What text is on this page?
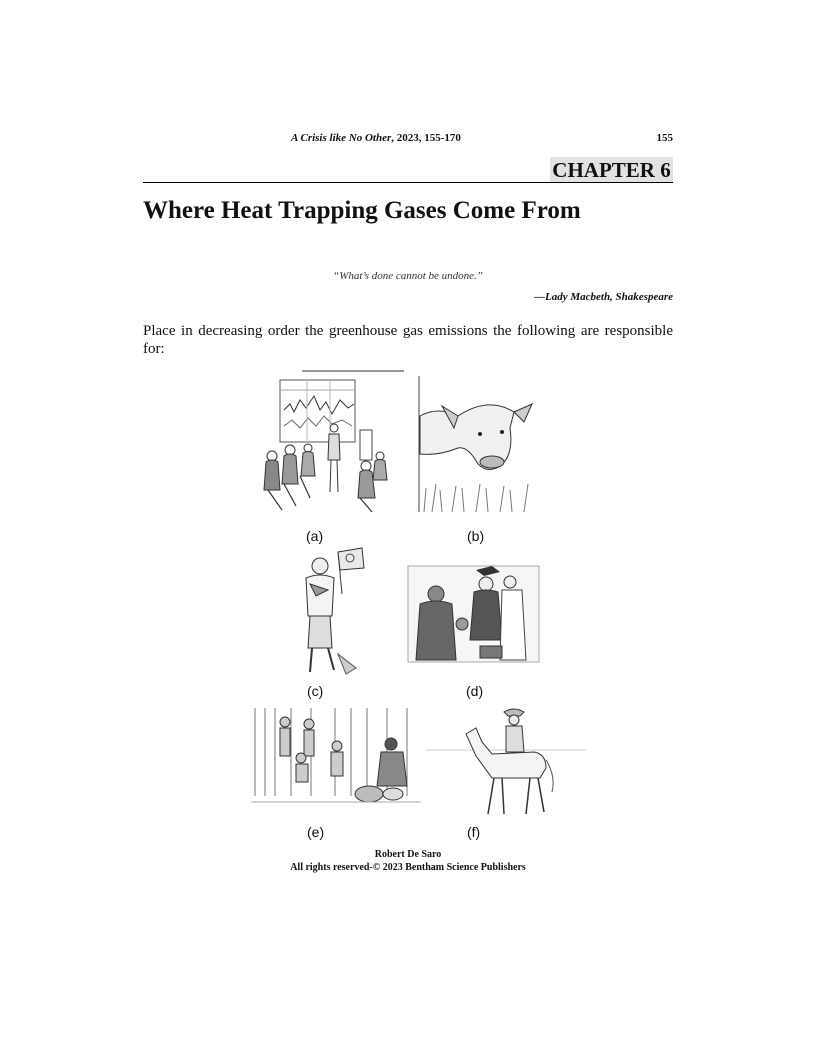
A Crisis like No Other, 2023, 155-170	155
CHAPTER 6
Where Heat Trapping Gases Come From
“What’s done cannot be undone.”
—Lady Macbeth, Shakespeare
Place in decreasing order the greenhouse gas emissions the following are responsible for:
(a)	(b)
(c)	(d)
(e)	(f)
Robert De Saro
All rights reserved-© 2023 Bentham Science Publishers
